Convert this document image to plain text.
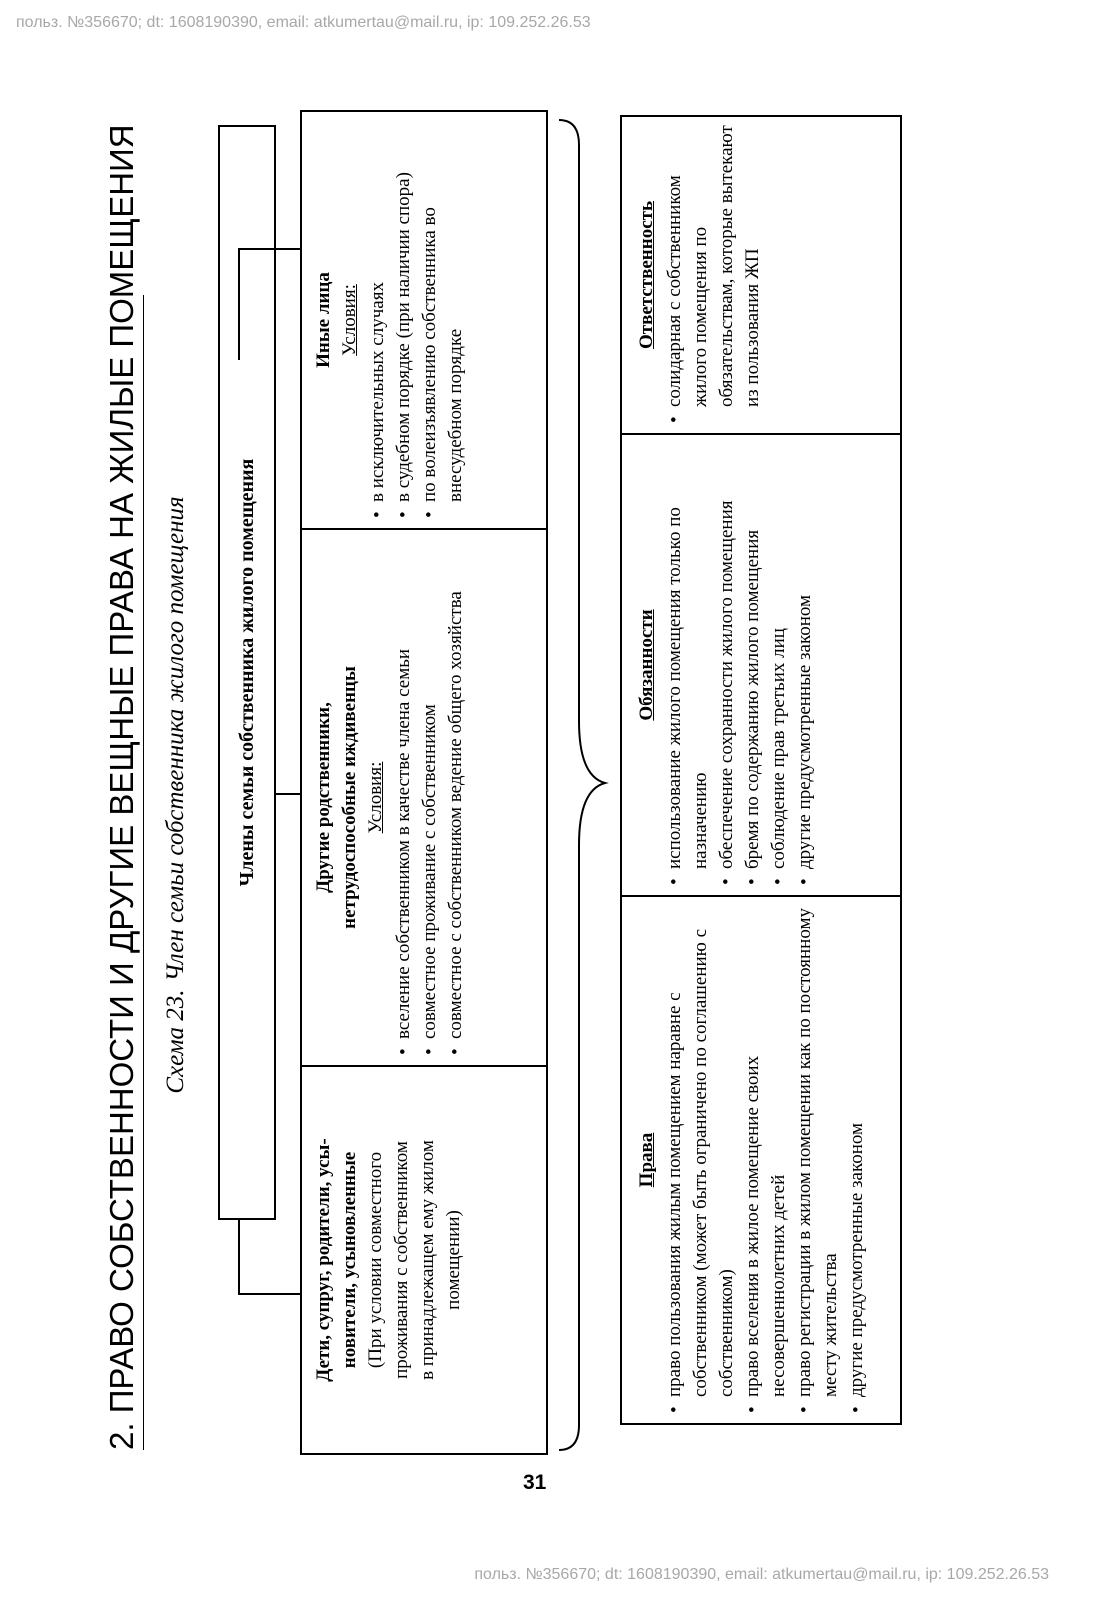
польз. №356670; dt: 1608190390, email: atkumertau@mail.ru, ip: 109.252.26.53
2. ПРАВО СОБСТВЕННОСТИ И ДРУГИЕ ВЕЩНЫЕ ПРАВА НА ЖИЛЫЕ ПОМЕЩЕНИЯ Схема 23.Член семьи собственника жилого помещения Члены семьи собственника жилого помещения
Дети, супруг, родители, усы- новители, усыновленные (При условии совместного проживания с собственником в принадлежащем ему жилом помещении)
Другие родственники, нетрудоспособные иждивенцы Условия: • вселение собственником в качестве члена семьи • совместное проживание с собственником • совместное с собственником ведение общего хозяйства
Иные лица Условия: • в исключительных случаях • в судебном порядке (при наличии спора) • по волеизъявлению собственника во внесудебном порядке
Права • право пользования жилым помещением наравне с собственником (может быть ограничено по соглашению с собственником) • право вселения в жилое помещение своих несовершеннолетних детей • право регистрации в жилом помещении как по постоянному месту жительства • другие предусмотренные законом
Обязанности • использование жилого помещения только по назначению • обеспечение сохранности жилого помещения • бремя по содержанию жилого помещения • соблюдение прав третьих лиц • другие предусмотренные законом
Ответственность • солидарная с собственником жилого помещения по обязательствам, которые вытекают из пользования ЖП
31
польз. №356670; dt: 1608190390, email: atkumertau@mail.ru, ip: 109.252.26.53
